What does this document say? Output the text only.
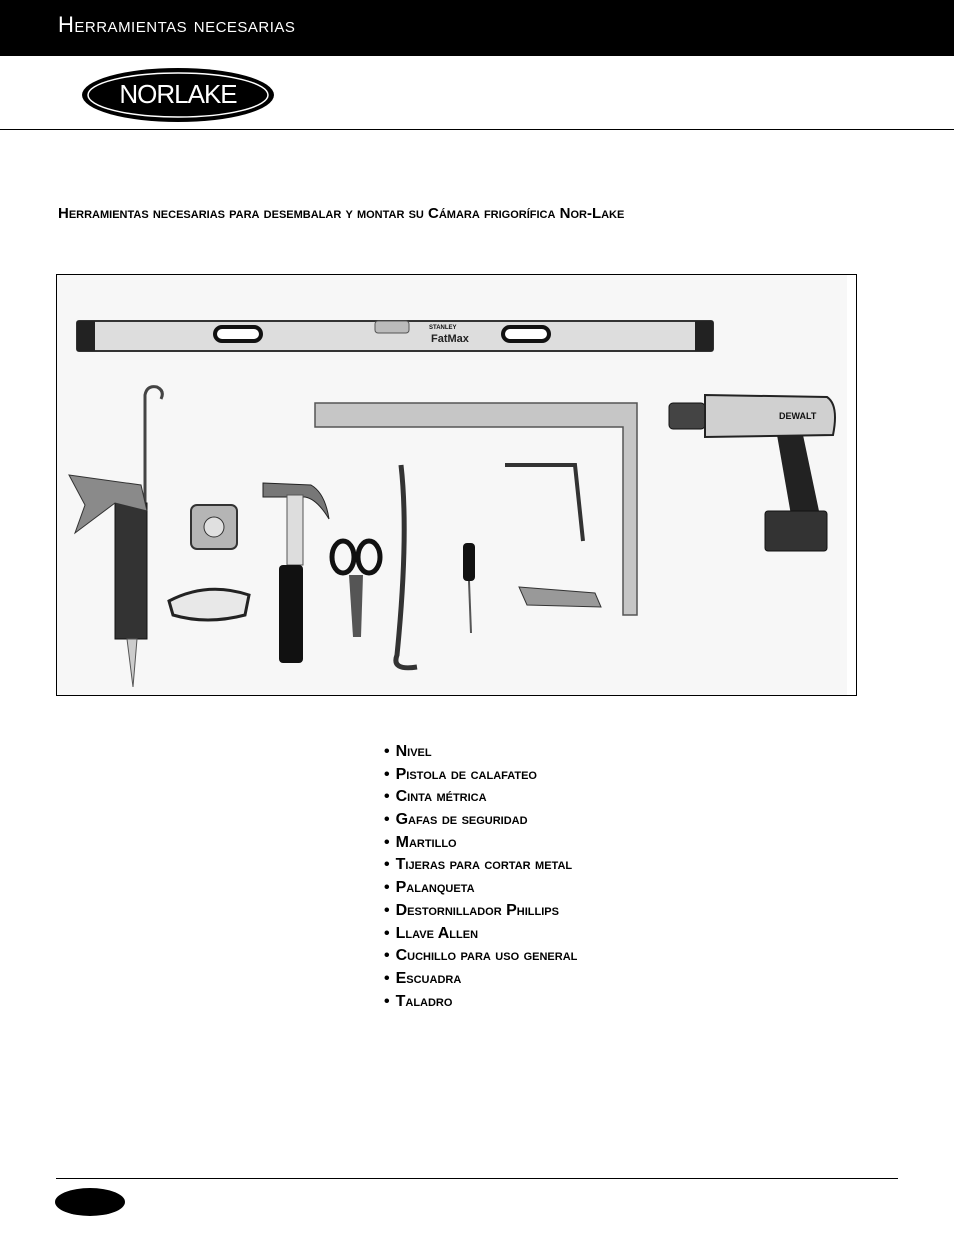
Herramientas necesarias
NORLAKE
Herramientas necesarias para desembalar y montar su Cámara frigorífica Nor-Lake
STANLEY
FatMax
DEWALT
• Nivel
• Pistola de calafateo
• Cinta métrica
• Gafas de seguridad
• Martillo
• Tijeras para cortar metal
• Palanqueta
• Destornillador Phillips
• Llave Allen
• Cuchillo para uso general
• Escuadra
• Taladro
